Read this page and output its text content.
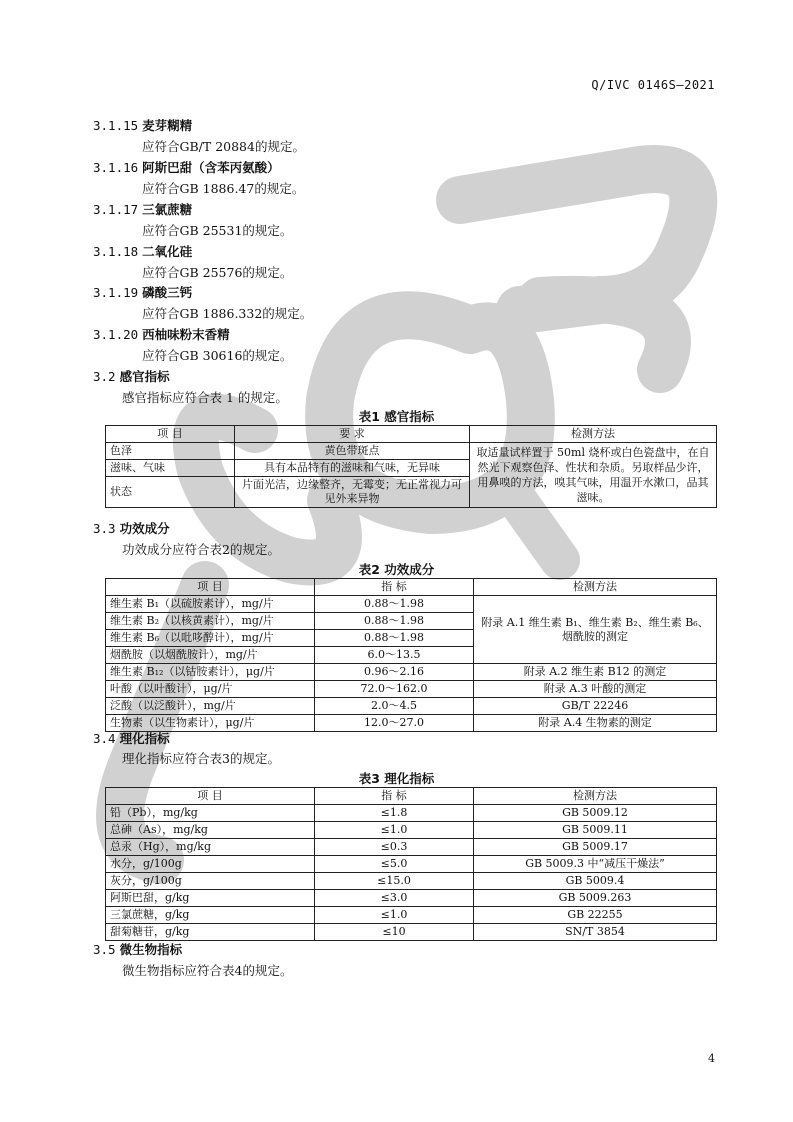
Q/IVC 0146S—2021
3.1.15 麦芽糊精
应符合GB/T 20884的规定。
3.1.16 阿斯巴甜（含苯丙氨酸）
应符合GB 1886.47的规定。
3.1.17 三氯蔗糖
应符合GB 25531的规定。
3.1.18 二氧化硅
应符合GB 25576的规定。
3.1.19 磷酸三钙
应符合GB 1886.332的规定。
3.1.20 西柚味粉末香精
应符合GB 30616的规定。
3.2 感官指标
感官指标应符合表 1 的规定。
表1 感官指标
项 目	要 求	检测方法
色泽	黄色带斑点	取适量试样置于 50ml 烧杯或白色瓷盘中，在自然光下观察色泽、性状和杂质。另取样品少许，用鼻嗅的方法，嗅其气味，用温开水漱口，品其滋味。
滋味、气味	具有本品特有的滋味和气味，无异味	
状态	片面光洁，边缘整齐，无霉变；无正常视力可见外来异物	
3.3 功效成分
功效成分应符合表2的规定。
表2 功效成分
项 目	指 标	检测方法
维生素 B₁（以硫胺素计），mg/片	0.88～1.98	附录 A.1 维生素 B₁、维生素 B₂、维生素 B₆、烟酰胺的测定
维生素 B₂（以核黄素计），mg/片	0.88～1.98	
维生素 B₆（以吡哆醇计），mg/片	0.88～1.98	
烟酰胺（以烟酰胺计），mg/片	6.0～13.5	
维生素 B₁₂（以钴胺素计），μg/片	0.96～2.16	附录 A.2 维生素 B12 的测定
叶酸（以叶酸计），μg/片	72.0～162.0	附录 A.3 叶酸的测定
泛酸（以泛酸计），mg/片	2.0～4.5	GB/T 22246
生物素（以生物素计），μg/片	12.0～27.0	附录 A.4 生物素的测定
3.4 理化指标
理化指标应符合表3的规定。
表3 理化指标
项 目	指 标	检测方法
铅（Pb），mg/kg	≤1.8	GB 5009.12
总砷（As），mg/kg	≤1.0	GB 5009.11
总汞（Hg），mg/kg	≤0.3	GB 5009.17
水分，g/100g	≤5.0	GB 5009.3 中“减压干燥法”
灰分，g/100g	≤15.0	GB 5009.4
阿斯巴甜，g/kg	≤3.0	GB 5009.263
三氯蔗糖，g/kg	≤1.0	GB 22255
甜菊糖苷，g/kg	≤10	SN/T 3854
3.5 微生物指标
微生物指标应符合表4的规定。
4
